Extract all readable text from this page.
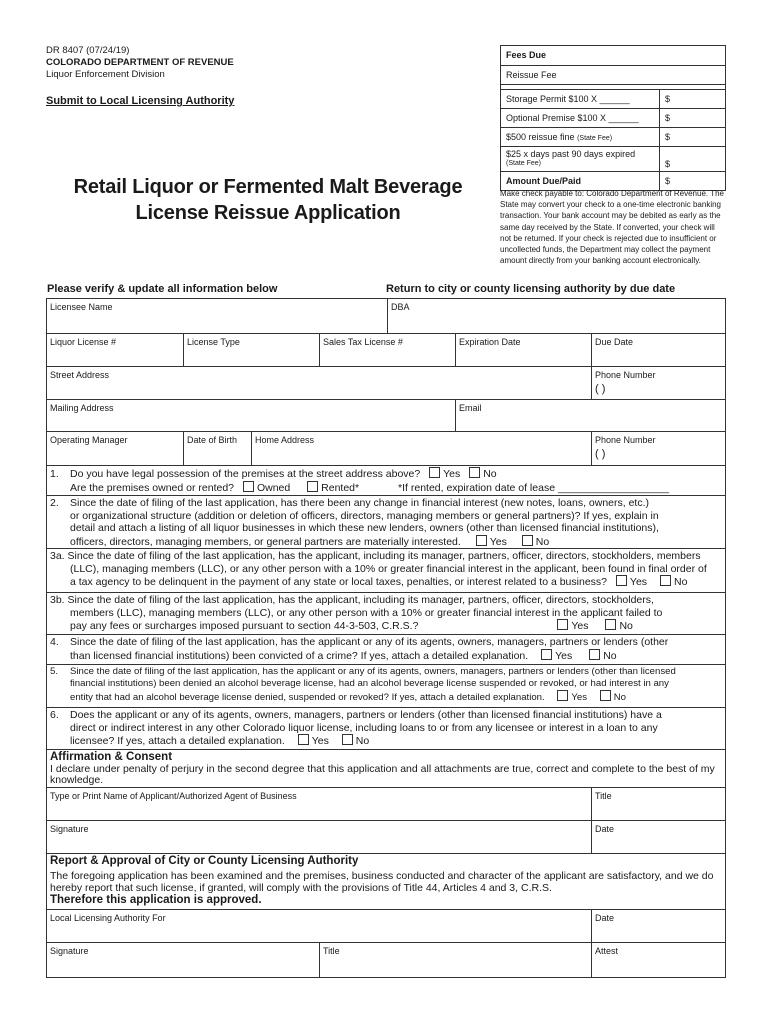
DR 8407 (07/24/19)
COLORADO DEPARTMENT OF REVENUE
Liquor Enforcement Division
Submit to Local Licensing Authority
Retail Liquor or Fermented Malt Beverage
License Reissue Application
Fees Due
Reissue Fee
Storage Permit $100 X ______	$
Optional Premise $100 X ______	$
$500 reissue fine (State Fee)	$
$25 x days past 90 days expired
(State Fee)	$
Amount Due/Paid	$
Make check payable to: Colorado Department of Revenue. The State may convert your check to a one-time electronic banking transaction. Your bank account may be debited as early as the same day received by the State. If converted, your check will not be returned. If your check is rejected due to insufficient or uncollected funds, the Department may collect the payment amount directly from your banking account electronically.
Please verify & update all information below	Return to city or county licensing authority by due date
Licensee Name	DBA
Liquor License #	License Type	Sales Tax License #	Expiration Date	Due Date
Street Address	Phone Number
( )
Mailing Address	Email
Operating Manager	Date of Birth	Home Address	Phone Number
( )
1. Do you have legal possession of the premises at the street address above? Yes No
Are the premises owned or rented? Owned	Rented*	*If rented, expiration date of lease ___________________
2. Since the date of filing of the last application, has there been any change in financial interest (new notes, loans, owners, etc.)
or organizational structure (addition or deletion of officers, directors, managing members or general partners)? If yes, explain in
detail and attach a listing of all liquor businesses in which these new lenders, owners (other than licensed financial institutions),
officers, directors, managing members, or general partners are materially interested.	Yes	No
3a. Since the date of filing of the last application, has the applicant, including its manager, partners, officer, directors, stockholders, members
(LLC), managing members (LLC), or any other person with a 10% or greater financial interest in the applicant, been found in final order of
a tax agency to be delinquent in the payment of any state or local taxes, penalties, or interest related to a business? Yes	No
3b. Since the date of filing of the last application, has the applicant, including its manager, partners, officer, directors, stockholders,
members (LLC), managing members (LLC), or any other person with a 10% or greater financial interest in the applicant failed to
pay any fees or surcharges imposed pursuant to section 44-3-503, C.R.S.?	Yes	No
4. Since the date of filing of the last application, has the applicant or any of its agents, owners, managers, partners or lenders (other
than licensed financial institutions) been convicted of a crime? If yes, attach a detailed explanation.	Yes	No
5. Since the date of filing of the last application, has the applicant or any of its agents, owners, managers, partners or lenders (other than licensed
financial institutions) been denied an alcohol beverage license, had an alcohol beverage license suspended or revoked, or had interest in any
entity that had an alcohol beverage license denied, suspended or revoked? If yes, attach a detailed explanation.	Yes	No
6. Does the applicant or any of its agents, owners, managers, partners or lenders (other than licensed financial institutions) have a
direct or indirect interest in any other Colorado liquor license, including loans to or from any licensee or interest in a loan to any
licensee? If yes, attach a detailed explanation.	Yes	No
Affirmation & Consent
I declare under penalty of perjury in the second degree that this application and all attachments are true, correct and complete to the best of my knowledge.
Type or Print Name of Applicant/Authorized Agent of Business	Title
Signature	Date
Report & Approval of City or County Licensing Authority
The foregoing application has been examined and the premises, business conducted and character of the applicant are satisfactory, and we do hereby report that such license, if granted, will comply with the provisions of Title 44, Articles 4 and 3, C.R.S.
Therefore this application is approved.
Local Licensing Authority For	Date
Signature	Title	Attest
